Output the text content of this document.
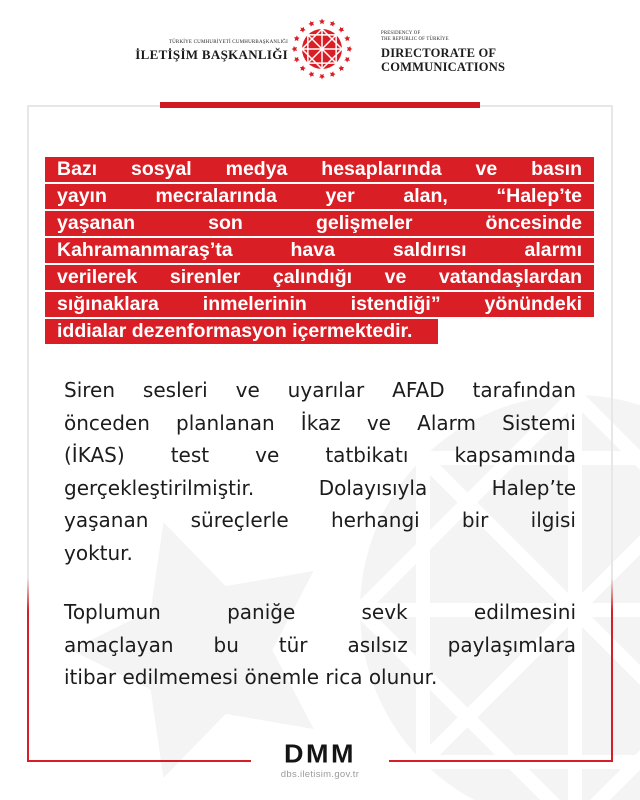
TÜRKİYE CUMHURİYETİ CUMHURBAŞKANLIĞI
İLETİŞİM BAŞKANLIĞI
PRESIDENCY OF
THE REPUBLIC OF TÜRKİYE
DIRECTORATE OF
COMMUNICATIONS
Bazı sosyal medya hesaplarında ve basın
yayın mecralarında yer alan, “Halep’te
yaşanan son gelişmeler öncesinde
Kahramanmaraş’ta hava saldırısı alarmı
verilerek sirenler çalındığı ve vatandaşlardan
sığınaklara inmelerinin istendiği” yönündeki
iddialar dezenformasyon içermektedir.
Siren sesleri ve uyarılar AFAD tarafından
önceden planlanan İkaz ve Alarm Sistemi
(İKAS) test ve tatbikatı kapsamında
gerçekleştirilmiştir. Dolayısıyla Halep’te
yaşanan süreçlerle herhangi bir ilgisi
yoktur.
Toplumun paniğe sevk edilmesini
amaçlayan bu tür asılsız paylaşımlara
itibar edilmemesi önemle rica olunur.
DMM
dbs.iletisim.gov.tr
